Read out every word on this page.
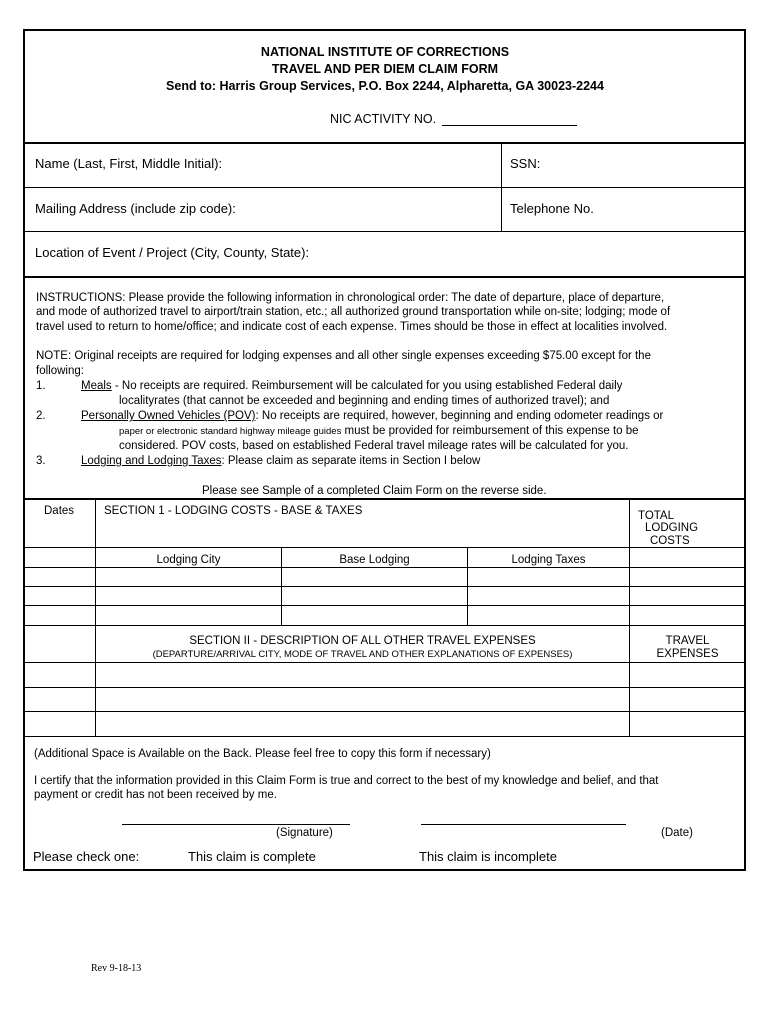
NATIONAL INSTITUTE OF CORRECTIONS
TRAVEL AND PER DIEM CLAIM FORM
Send to: Harris Group Services, P.O. Box 2244, Alpharetta, GA 30023-2244
NIC ACTIVITY NO.
Name (Last, First, Middle Initial):	SSN:
Mailing Address (include zip code):	Telephone No.
Location of Event / Project (City, County, State):
INSTRUCTIONS: Please provide the following information in chronological order: The date of departure, place of departure,
and mode of authorized travel to airport/train station, etc.; all authorized ground transportation while on-site; lodging; mode of
travel used to return to home/office; and indicate cost of each expense. Times should be those in effect at localities involved.
NOTE: Original receipts are required for lodging expenses and all other single expenses exceeding $75.00 except for the
following:
1.	Meals - No receipts are required. Reimbursement will be calculated for you using established Federal daily
localityrates (that cannot be exceeded and beginning and ending times of authorized travel); and
2.	Personally Owned Vehicles (POV): No receipts are required, however, beginning and ending odometer readings or
paper or electronic standard highway mileage guides must be provided for reimbursement of this expense to be
considered. POV costs, based on established Federal travel mileage rates will be calculated for you.
3.	Lodging and Lodging Taxes: Please claim as separate items in Section I below
Please see Sample of a completed Claim Form on the reverse side.
Dates	SECTION 1 - LODGING COSTS - BASE & TAXES	TOTAL
LODGING
COSTS
Lodging City	Base Lodging	Lodging Taxes
SECTION II - DESCRIPTION OF ALL OTHER TRAVEL EXPENSES
(DEPARTURE/ARRIVAL CITY, MODE OF TRAVEL AND OTHER EXPLANATIONS OF EXPENSES)
TRAVEL
EXPENSES
(Additional Space is Available on the Back. Please feel free to copy this form if necessary)
I certify that the information provided in this Claim Form is true and correct to the best of my knowledge and belief, and that
payment or credit has not been received by me.
(Signature)	(Date)
Please check one:	This claim is complete	This claim is incomplete
Rev 9-18-13
